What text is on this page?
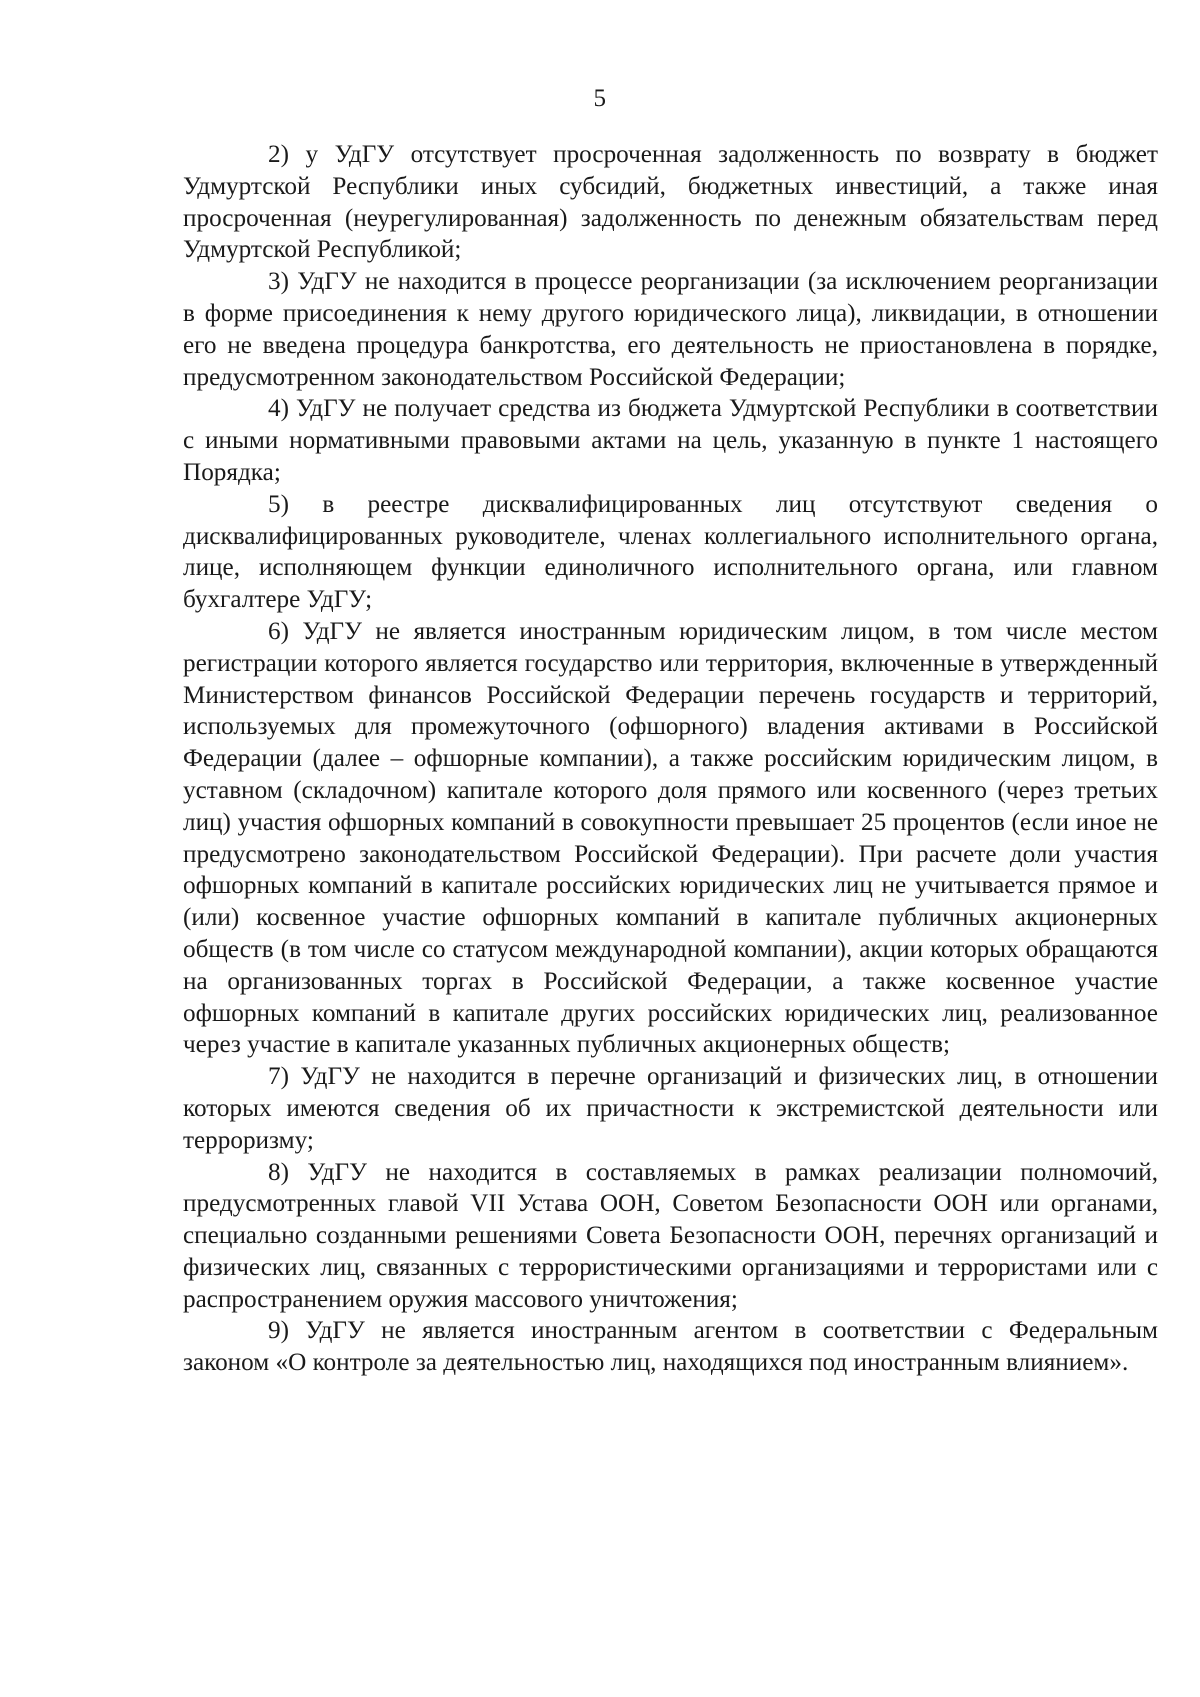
5

2) у УдГУ отсутствует просроченная задолженность по возврату в бюджет Удмуртской Республики иных субсидий, бюджетных инвестиций, а также иная просроченная (неурегулированная) задолженность по денежным обязательствам перед Удмуртской Республикой;

3) УдГУ не находится в процессе реорганизации (за исключением реорганизации в форме присоединения к нему другого юридического лица), ликвидации, в отношении его не введена процедура банкротства, его деятельность не приостановлена в порядке, предусмотренном законодательством Российской Федерации;

4) УдГУ не получает средства из бюджета Удмуртской Республики в соответствии с иными нормативными правовыми актами на цель, указанную в пункте 1 настоящего Порядка;

5) в реестре дисквалифицированных лиц отсутствуют сведения о дисквалифицированных руководителе, членах коллегиального исполнительного органа, лице, исполняющем функции единоличного исполнительного органа, или главном бухгалтере УдГУ;

6) УдГУ не является иностранным юридическим лицом, в том числе местом регистрации которого является государство или территория, включенные в утвержденный Министерством финансов Российской Федерации перечень государств и территорий, используемых для промежуточного (офшорного) владения активами в Российской Федерации (далее – офшорные компании), а также российским юридическим лицом, в уставном (складочном) капитале которого доля прямого или косвенного (через третьих лиц) участия офшорных компаний в совокупности превышает 25 процентов (если иное не предусмотрено законодательством Российской Федерации). При расчете доли участия офшорных компаний в капитале российских юридических лиц не учитывается прямое и (или) косвенное участие офшорных компаний в капитале публичных акционерных обществ (в том числе со статусом международной компании), акции которых обращаются на организованных торгах в Российской Федерации, а также косвенное участие офшорных компаний в капитале других российских юридических лиц, реализованное через участие в капитале указанных публичных акционерных обществ;

7) УдГУ не находится в перечне организаций и физических лиц, в отношении которых имеются сведения об их причастности к экстремистской деятельности или терроризму;

8) УдГУ не находится в составляемых в рамках реализации полномочий, предусмотренных главой VII Устава ООН, Советом Безопасности ООН или органами, специально созданными решениями Совета Безопасности ООН, перечнях организаций и физических лиц, связанных с террористическими организациями и террористами или с распространением оружия массового уничтожения;

9) УдГУ не является иностранным агентом в соответствии с Федеральным законом «О контроле за деятельностью лиц, находящихся под иностранным влиянием».
